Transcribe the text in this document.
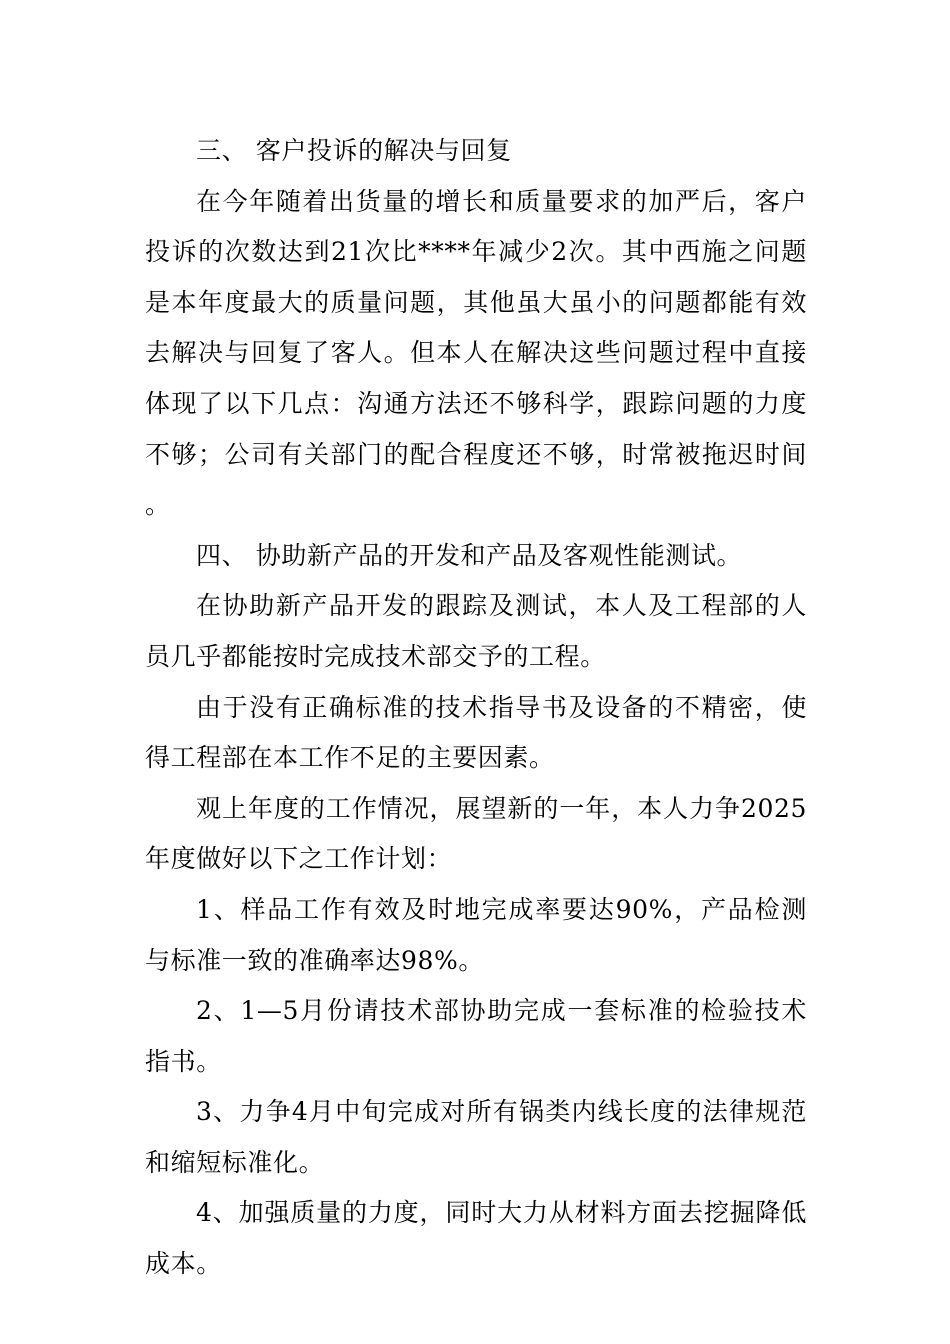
三、 客户投诉的解决与回复

在今年随着出货量的增长和质量要求的加严后，客户投诉的次数达到21次比****年减少2次。其中西施之问题是本年度最大的质量问题，其他虽大虽小的问题都能有效去解决与回复了客人。但本人在解决这些问题过程中直接体现了以下几点：沟通方法还不够科学，跟踪问题的力度不够；公司有关部门的配合程度还不够，时常被拖迟时间。

四、 协助新产品的开发和产品及客观性能测试。

在协助新产品开发的跟踪及测试，本人及工程部的人员几乎都能按时完成技术部交予的工程。

由于没有正确标准的技术指导书及设备的不精密，使得工程部在本工作不足的主要因素。

观上年度的工作情况，展望新的一年，本人力争2025年度做好以下之工作计划：

1、样品工作有效及时地完成率要达90%，产品检测与标准一致的准确率达98%。

2、1—5月份请技术部协助完成一套标准的检验技术指书。

3、力争4月中旬完成对所有锅类内线长度的法律规范和缩短标准化。

4、加强质量的力度，同时大力从材料方面去挖掘降低成本。
